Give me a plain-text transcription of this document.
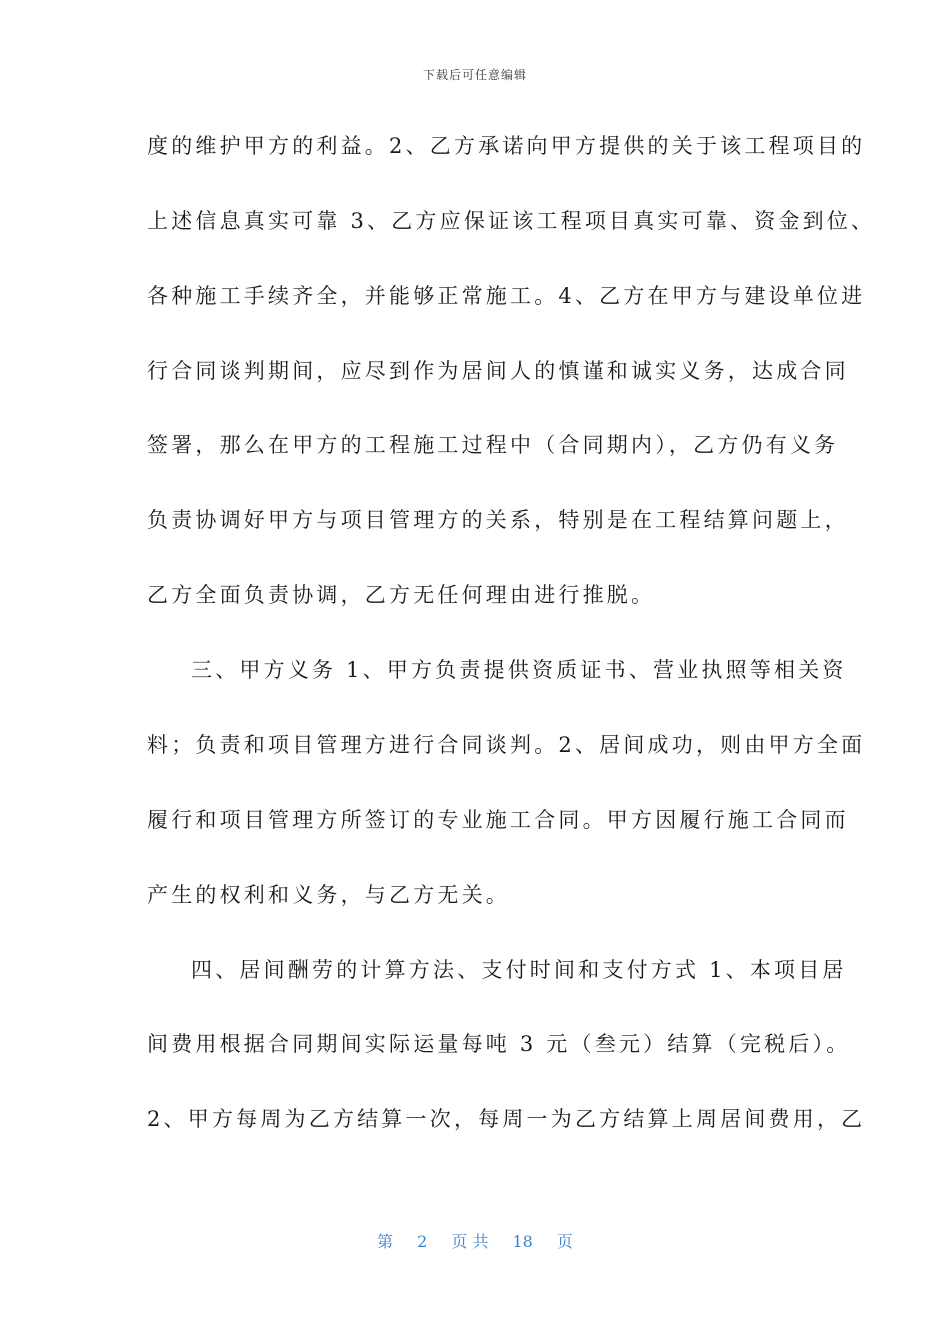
下载后可任意编辑
度的维护甲方的利益。2、乙方承诺向甲方提供的关于该工程项目的
上述信息真实可靠 3、乙方应保证该工程项目真实可靠、资金到位、
各种施工手续齐全，并能够正常施工。4、乙方在甲方与建设单位进
行合同谈判期间，应尽到作为居间人的慎谨和诚实义务，达成合同
签署，那么在甲方的工程施工过程中（合同期内），乙方仍有义务
负责协调好甲方与项目管理方的关系，特别是在工程结算问题上，
乙方全面负责协调，乙方无任何理由进行推脱。
三、甲方义务 1、甲方负责提供资质证书、营业执照等相关资
料；负责和项目管理方进行合同谈判。2、居间成功，则由甲方全面
履行和项目管理方所签订的专业施工合同。甲方因履行施工合同而
产生的权利和义务，与乙方无关。
四、居间酬劳的计算方法、支付时间和支付方式 1、本项目居
间费用根据合同期间实际运量每吨 3 元（叁元）结算（完税后）。
2、甲方每周为乙方结算一次，每周一为乙方结算上周居间费用，乙
第 2 页 共 18 页
